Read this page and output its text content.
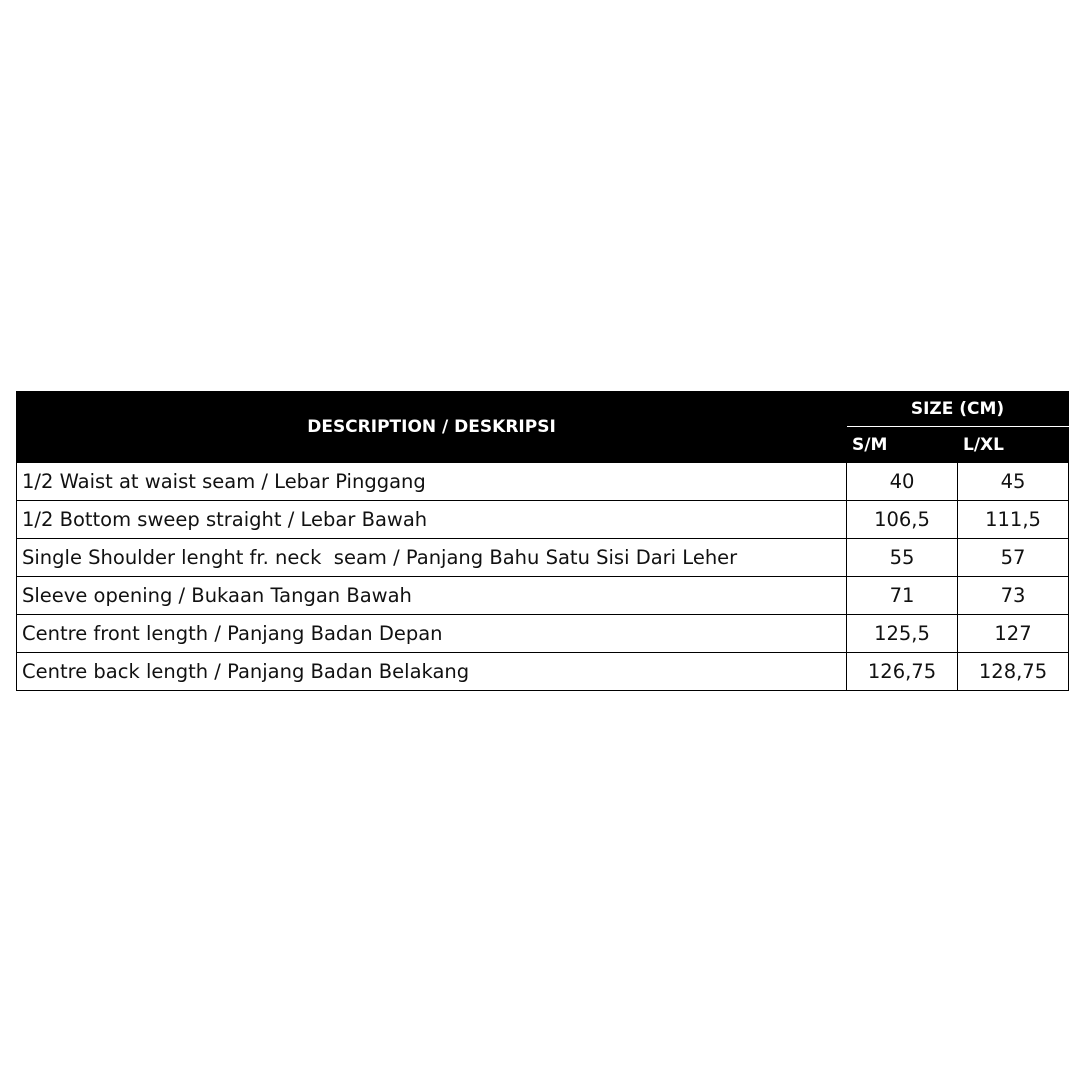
DESCRIPTION / DESKRIPSI	SIZE (CM)	
	S/M	L/XL
1/2 Waist at waist seam / Lebar Pinggang	40	45
1/2 Bottom sweep straight / Lebar Bawah	106,5	111,5
Single Shoulder lenght fr. neck  seam / Panjang Bahu Satu Sisi Dari Leher	55	57
Sleeve opening / Bukaan Tangan Bawah	71	73
Centre front length / Panjang Badan Depan	125,5	127
Centre back length / Panjang Badan Belakang	126,75	128,75
